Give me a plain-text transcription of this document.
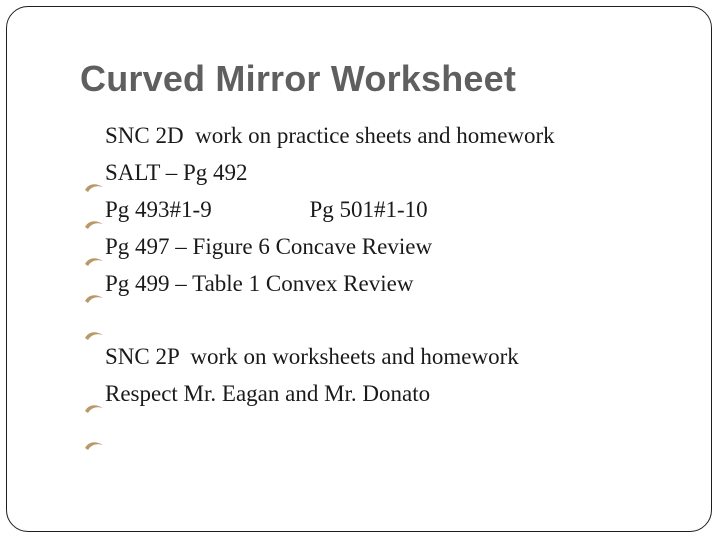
Curved Mirror Worksheet

SNC 2D  work on practice sheets and homework

SALT – Pg 492

Pg 493#1-9                 Pg 501#1-10

Pg 497 – Figure 6 Concave Review

Pg 499 – Table 1 Convex Review

SNC 2P  work on worksheets and homework

Respect Mr. Eagan and Mr. Donato
